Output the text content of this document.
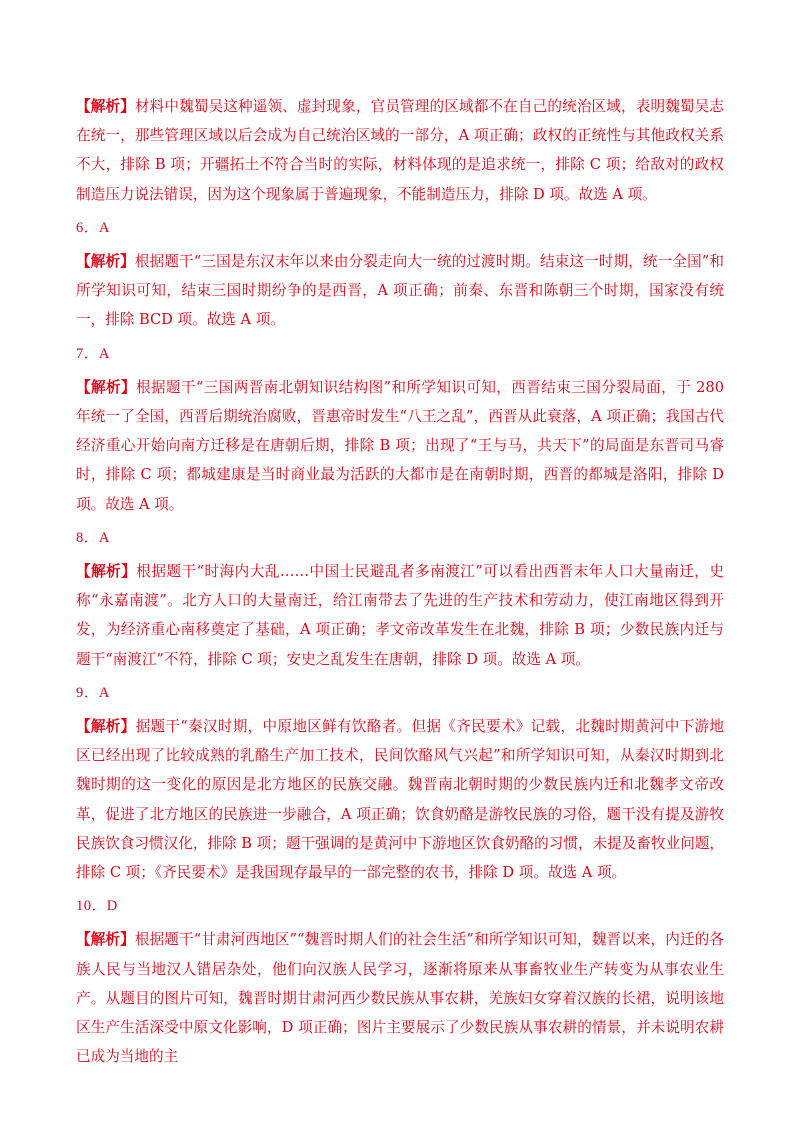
【解析】材料中魏蜀吴这种遥领、虚封现象，官员管理的区域都不在自己的统治区域，表明魏蜀吴志在统一，那些管理区域以后会成为自己统治区域的一部分，A 项正确；政权的正统性与其他政权关系不大，排除 B 项；开疆拓土不符合当时的实际，材料体现的是追求统一，排除 C 项；给敌对的政权制造压力说法错误，因为这个现象属于普遍现象，不能制造压力，排除 D 项。故选 A 项。

6．A

【解析】根据题干“三国是东汉末年以来由分裂走向大一统的过渡时期。结束这一时期，统一全国”和所学知识可知，结束三国时期纷争的是西晋，A 项正确；前秦、东晋和陈朝三个时期，国家没有统一，排除 BCD 项。故选 A 项。

7．A

【解析】根据题干“三国两晋南北朝知识结构图”和所学知识可知，西晋结束三国分裂局面，于 280 年统一了全国，西晋后期统治腐败，晋惠帝时发生“八王之乱”，西晋从此衰落，A 项正确；我国古代经济重心开始向南方迁移是在唐朝后期，排除 B 项；出现了“王与马，共天下”的局面是东晋司马睿时，排除 C 项；都城建康是当时商业最为活跃的大都市是在南朝时期，西晋的都城是洛阳，排除 D 项。故选 A 项。

8．A

【解析】根据题干“时海内大乱……中国士民避乱者多南渡江”可以看出西晋末年人口大量南迁，史称“永嘉南渡”。北方人口的大量南迁，给江南带去了先进的生产技术和劳动力，使江南地区得到开发，为经济重心南移奠定了基础，A 项正确；孝文帝改革发生在北魏，排除 B 项；少数民族内迁与题干“南渡江”不符，排除 C 项；安史之乱发生在唐朝，排除 D 项。故选 A 项。

9．A

【解析】据题干“秦汉时期，中原地区鲜有饮酪者。但据《齐民要术》记载，北魏时期黄河中下游地区已经出现了比较成熟的乳酪生产加工技术，民间饮酪风气兴起”和所学知识可知，从秦汉时期到北魏时期的这一变化的原因是北方地区的民族交融。魏晋南北朝时期的少数民族内迁和北魏孝文帝改革，促进了北方地区的民族进一步融合，A 项正确；饮食奶酪是游牧民族的习俗，题干没有提及游牧民族饮食习惯汉化，排除 B 项；题干强调的是黄河中下游地区饮食奶酪的习惯，未提及畜牧业问题，排除 C 项；《齐民要术》是我国现存最早的一部完整的农书，排除 D 项。故选 A 项。

10．D

【解析】根据题干“甘肃河西地区”“魏晋时期人们的社会生活”和所学知识可知，魏晋以来，内迁的各族人民与当地汉人错居杂处，他们向汉族人民学习，逐渐将原来从事畜牧业生产转变为从事农业生产。从题目的图片可知，魏晋时期甘肃河西少数民族从事农耕，羌族妇女穿着汉族的长裙，说明该地区生产生活深受中原文化影响，D 项正确；图片主要展示了少数民族从事农耕的情景，并未说明农耕已成为当地的主
